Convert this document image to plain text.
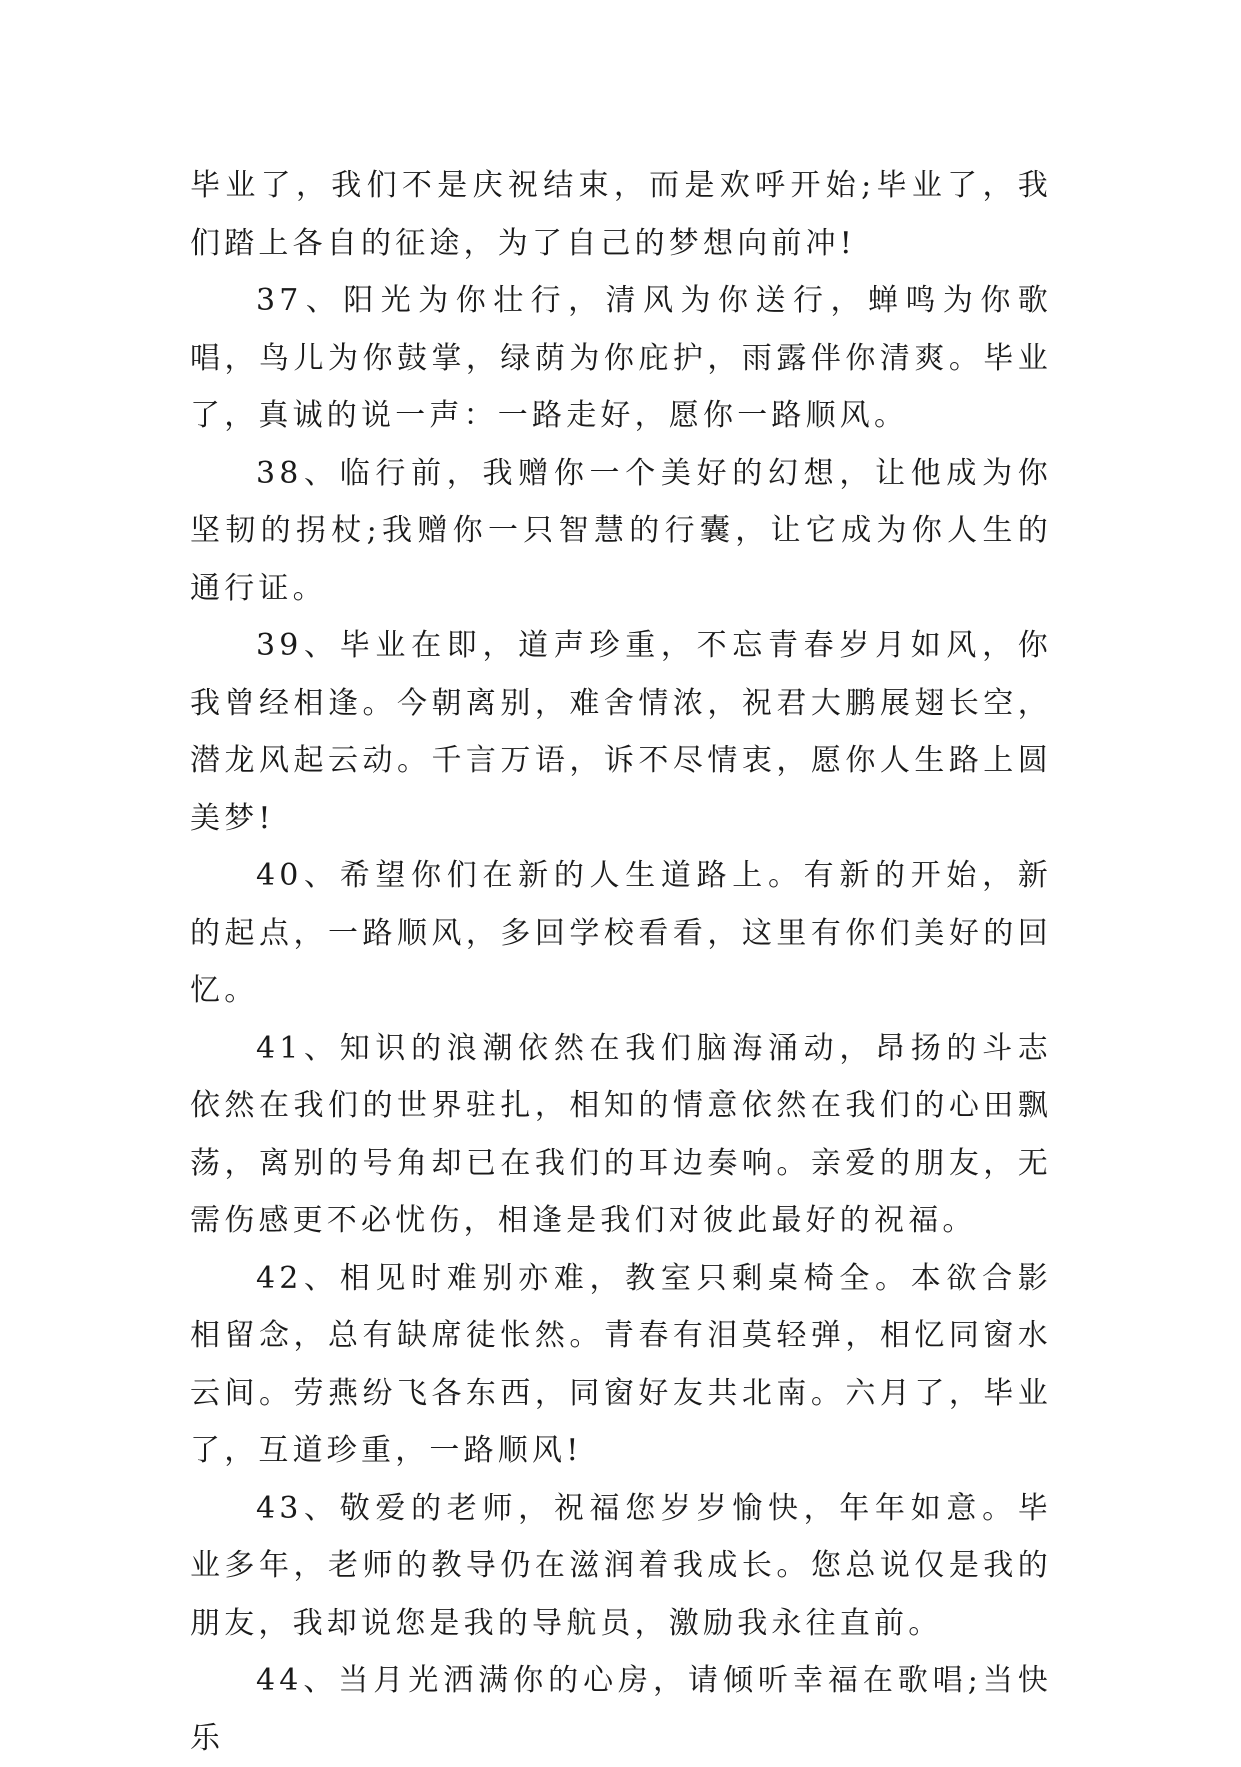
毕业了，我们不是庆祝结束，而是欢呼开始;毕业了，我们踏上各自的征途，为了自己的梦想向前冲!

37、阳光为你壮行，清风为你送行，蝉鸣为你歌唱，鸟儿为你鼓掌，绿荫为你庇护，雨露伴你清爽。毕业了，真诚的说一声：一路走好，愿你一路顺风。

38、临行前，我赠你一个美好的幻想，让他成为你坚韧的拐杖;我赠你一只智慧的行囊，让它成为你人生的通行证。

39、毕业在即，道声珍重，不忘青春岁月如风，你我曾经相逢。今朝离别，难舍情浓，祝君大鹏展翅长空，潜龙风起云动。千言万语，诉不尽情衷，愿你人生路上圆美梦!

40、希望你们在新的人生道路上。有新的开始，新的起点，一路顺风，多回学校看看，这里有你们美好的回忆。

41、知识的浪潮依然在我们脑海涌动，昂扬的斗志依然在我们的世界驻扎，相知的情意依然在我们的心田飘荡，离别的号角却已在我们的耳边奏响。亲爱的朋友，无需伤感更不必忧伤，相逢是我们对彼此最好的祝福。

42、相见时难别亦难，教室只剩桌椅全。本欲合影相留念，总有缺席徒怅然。青春有泪莫轻弹，相忆同窗水云间。劳燕纷飞各东西，同窗好友共北南。六月了，毕业了，互道珍重，一路顺风!

43、敬爱的老师，祝福您岁岁愉快，年年如意。毕业多年，老师的教导仍在滋润着我成长。您总说仅是我的朋友，我却说您是我的导航员，激励我永往直前。

44、当月光洒满你的心房，请倾听幸福在歌唱;当快乐
